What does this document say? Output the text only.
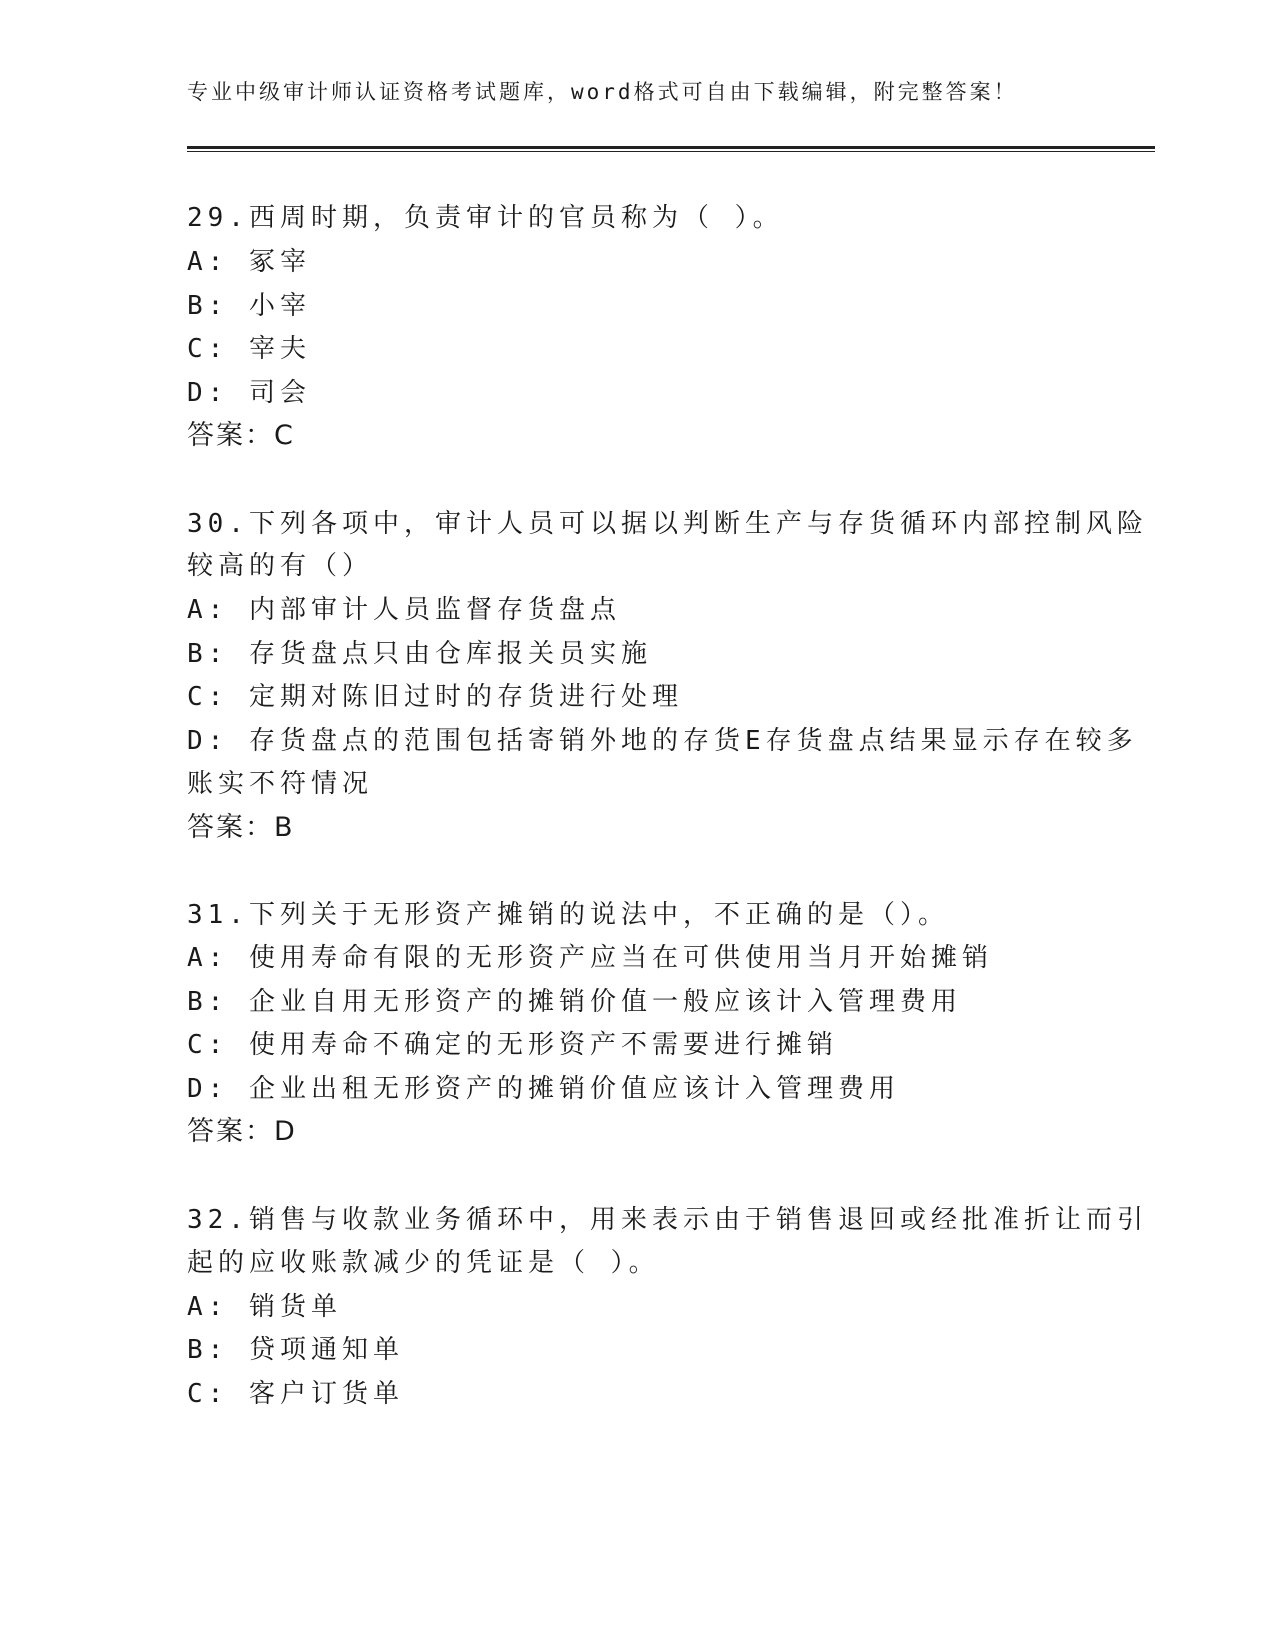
专业中级审计师认证资格考试题库，word格式可自由下载编辑，附完整答案！
29.西周时期，负责审计的官员称为（ ）。
A: 冢宰
B: 小宰
C: 宰夫
D: 司会
答案：C
30.下列各项中，审计人员可以据以判断生产与存货循环内部控制风险
较高的有（）
A: 内部审计人员监督存货盘点
B: 存货盘点只由仓库报关员实施
C: 定期对陈旧过时的存货进行处理
D: 存货盘点的范围包括寄销外地的存货E存货盘点结果显示存在较多
账实不符情况
答案：B
31.下列关于无形资产摊销的说法中，不正确的是（）。
A: 使用寿命有限的无形资产应当在可供使用当月开始摊销
B: 企业自用无形资产的摊销价值一般应该计入管理费用
C: 使用寿命不确定的无形资产不需要进行摊销
D: 企业出租无形资产的摊销价值应该计入管理费用
答案：D
32.销售与收款业务循环中，用来表示由于销售退回或经批准折让而引
起的应收账款减少的凭证是（ ）。
A: 销货单
B: 贷项通知单
C: 客户订货单
